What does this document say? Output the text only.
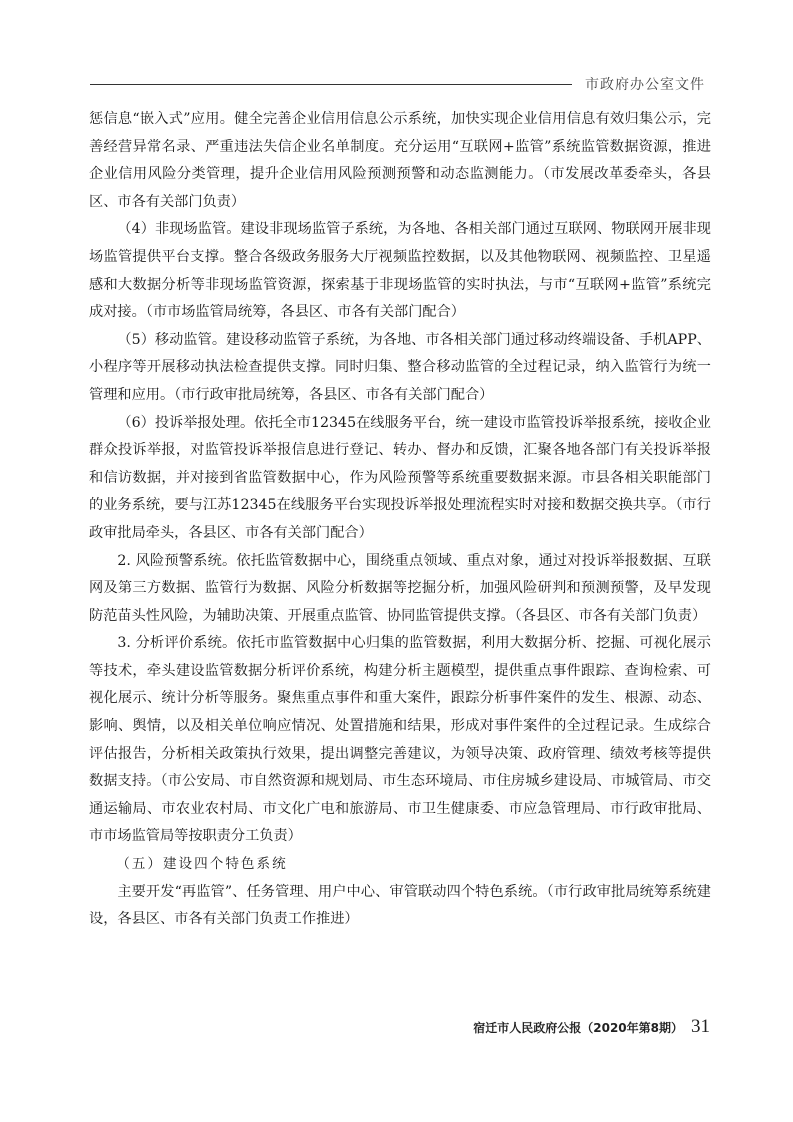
市政府办公室文件

惩信息“嵌入式”应用。健全完善企业信用信息公示系统，加快实现企业信用信息有效归集公示，完善经营异常名录、严重违法失信企业名单制度。充分运用“互联网+监管”系统监管数据资源，推进企业信用风险分类管理，提升企业信用风险预测预警和动态监测能力。（市发展改革委牵头，各县区、市各有关部门负责）

（4）非现场监管。建设非现场监管子系统，为各地、各相关部门通过互联网、物联网开展非现场监管提供平台支撑。整合各级政务服务大厅视频监控数据，以及其他物联网、视频监控、卫星遥感和大数据分析等非现场监管资源，探索基于非现场监管的实时执法，与市“互联网+监管”系统完成对接。（市市场监管局统筹，各县区、市各有关部门配合）

（5）移动监管。建设移动监管子系统，为各地、市各相关部门通过移动终端设备、手机APP、小程序等开展移动执法检查提供支撑。同时归集、整合移动监管的全过程记录，纳入监管行为统一管理和应用。（市行政审批局统筹，各县区、市各有关部门配合）

（6）投诉举报处理。依托全市12345在线服务平台，统一建设市监管投诉举报系统，接收企业群众投诉举报，对监管投诉举报信息进行登记、转办、督办和反馈，汇聚各地各部门有关投诉举报和信访数据，并对接到省监管数据中心，作为风险预警等系统重要数据来源。市县各相关职能部门的业务系统，要与江苏12345在线服务平台实现投诉举报处理流程实时对接和数据交换共享。（市行政审批局牵头，各县区、市各有关部门配合）

2. 风险预警系统。依托监管数据中心，围绕重点领域、重点对象，通过对投诉举报数据、互联网及第三方数据、监管行为数据、风险分析数据等挖掘分析，加强风险研判和预测预警，及早发现防范苗头性风险，为辅助决策、开展重点监管、协同监管提供支撑。（各县区、市各有关部门负责）

3. 分析评价系统。依托市监管数据中心归集的监管数据，利用大数据分析、挖掘、可视化展示等技术，牵头建设监管数据分析评价系统，构建分析主题模型，提供重点事件跟踪、查询检索、可视化展示、统计分析等服务。聚焦重点事件和重大案件，跟踪分析事件案件的发生、根源、动态、影响、舆情，以及相关单位响应情况、处置措施和结果，形成对事件案件的全过程记录。生成综合评估报告，分析相关政策执行效果，提出调整完善建议，为领导决策、政府管理、绩效考核等提供数据支持。（市公安局、市自然资源和规划局、市生态环境局、市住房城乡建设局、市城管局、市交通运输局、市农业农村局、市文化广电和旅游局、市卫生健康委、市应急管理局、市行政审批局、市市场监管局等按职责分工负责）

（五）建设四个特色系统

主要开发“再监管”、任务管理、用户中心、审管联动四个特色系统。（市行政审批局统筹系统建设，各县区、市各有关部门负责工作推进）

宿迁市人民政府公报（2020年第8期） 31
